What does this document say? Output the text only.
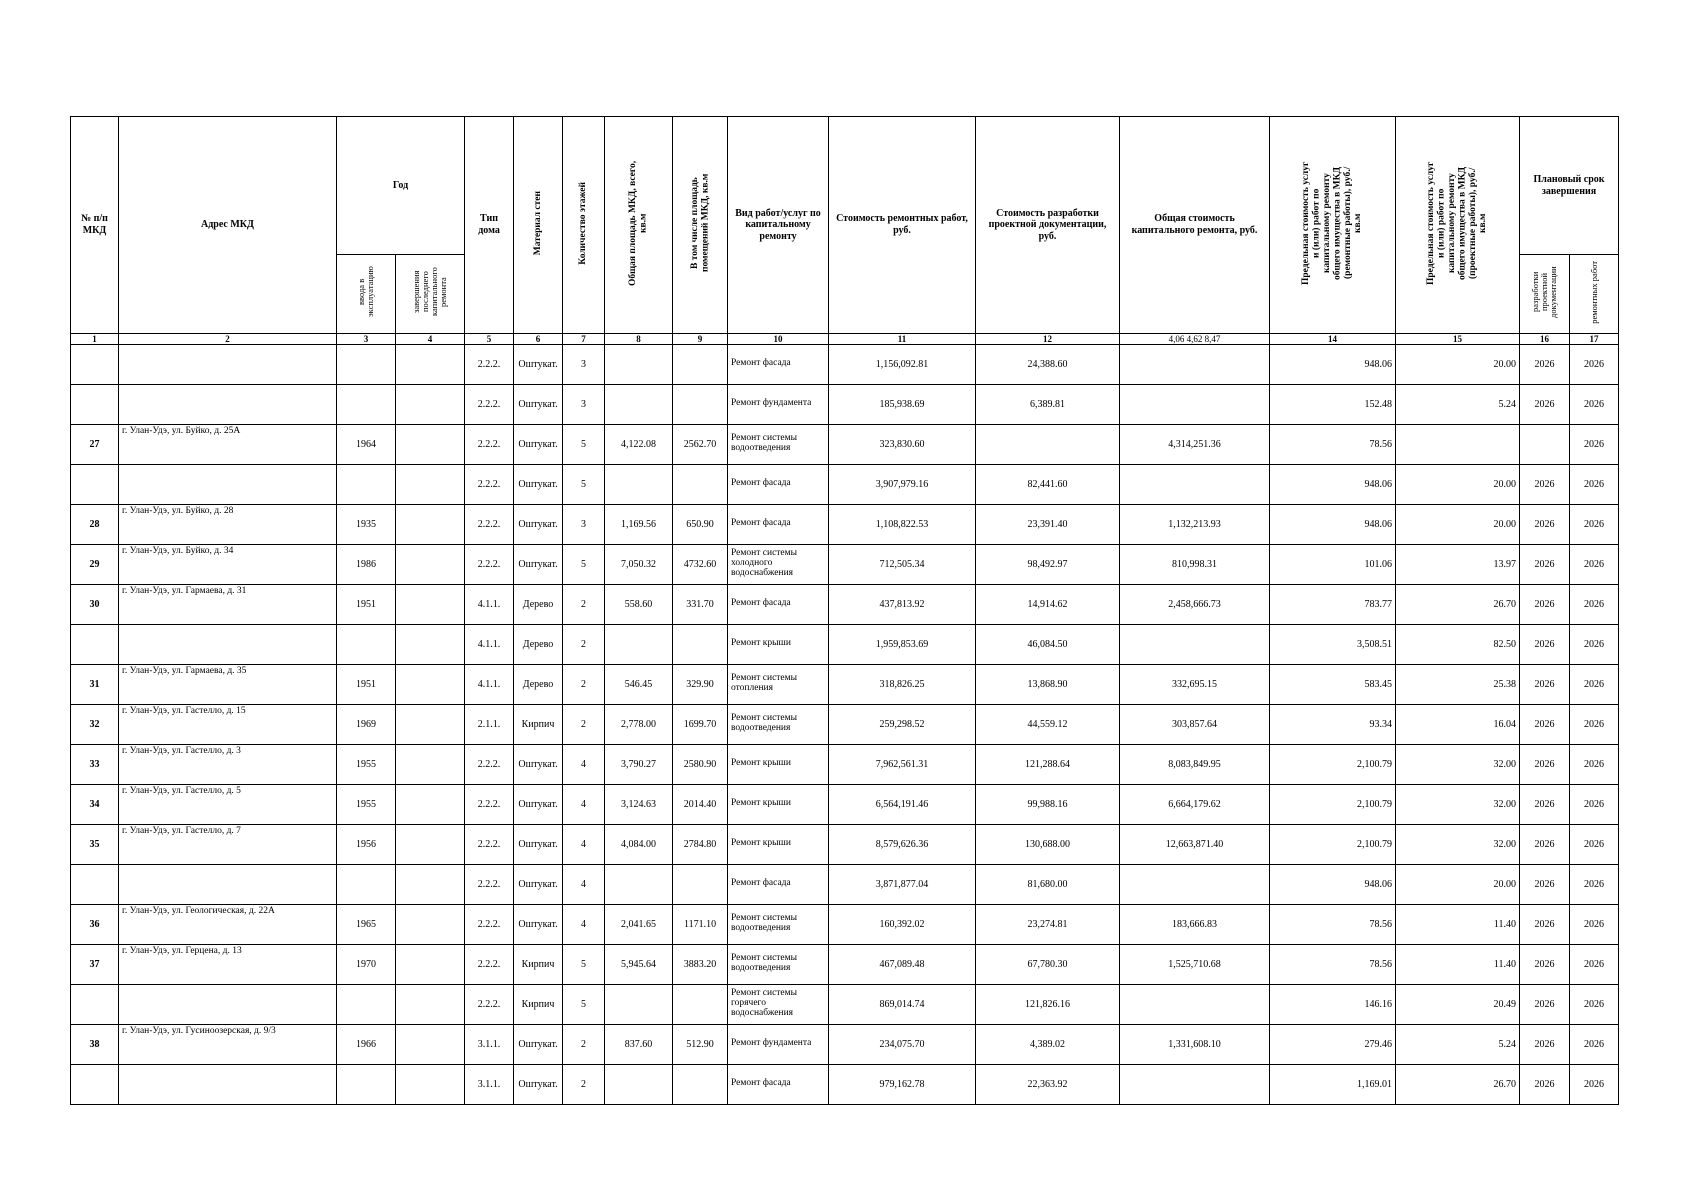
№ п/п МКД	Адрес МКД	Год		Тип дома	Материал стен	Количество этажей	Общая площадь МКД, всего, кв.м	В том числе площадь помещений МКД, кв.м	Вид работ/услуг по капитальному ремонту	Стоимость ремонтных работ, руб.	Стоимость разработки проектной документации, руб.	Общая стоимость капитального ремонта, руб.	Предельная стоимость услуг и (или) работ по капитальному ремонту общего имущества в МКД (ремонтные работы), руб./кв.м	Предельная стоимость услуг и (или) работ по капитальному ремонту общего имущества в МКД (проектные работы), руб./кв.м	Плановый срок завершения	
		ввода в эксплуатацию	завершения последнего капитального ремонта												разработки проектной документации	ремонтных работ
1	2	3	4	5	6	7	8	9	10	11	12	4,06 4,62 8,47	14	15	16	17
				2.2.2.	Оштукат.	3			Ремонт фасада	1,156,092.81	24,388.60		948.06	20.00	2026	2026
				2.2.2.	Оштукат.	3			Ремонт фундамента	185,938.69	6,389.81		152.48	5.24	2026	2026
27	г. Улан-Удэ, ул. Буйко, д. 25А	1964		2.2.2.	Оштукат.	5	4,122.08	2562.70	Ремонт системы водоотведения	323,830.60		4,314,251.36	78.56			2026
				2.2.2.	Оштукат.	5			Ремонт фасада	3,907,979.16	82,441.60		948.06	20.00	2026	2026
28	г. Улан-Удэ, ул. Буйко, д. 28	1935		2.2.2.	Оштукат.	3	1,169.56	650.90	Ремонт фасада	1,108,822.53	23,391.40	1,132,213.93	948.06	20.00	2026	2026
29	г. Улан-Удэ, ул. Буйко, д. 34	1986		2.2.2.	Оштукат.	5	7,050.32	4732.60	Ремонт системы холодного водоснабжения	712,505.34	98,492.97	810,998.31	101.06	13.97	2026	2026
30	г. Улан-Удэ, ул. Гармаева, д. 31	1951		4.1.1.	Дерево	2	558.60	331.70	Ремонт фасада	437,813.92	14,914.62	2,458,666.73	783.77	26.70	2026	2026
				4.1.1.	Дерево	2			Ремонт крыши	1,959,853.69	46,084.50		3,508.51	82.50	2026	2026
31	г. Улан-Удэ, ул. Гармаева, д. 35	1951		4.1.1.	Дерево	2	546.45	329.90	Ремонт системы отопления	318,826.25	13,868.90	332,695.15	583.45	25.38	2026	2026
32	г. Улан-Удэ, ул. Гастелло, д. 15	1969		2.1.1.	Кирпич	2	2,778.00	1699.70	Ремонт системы водоотведения	259,298.52	44,559.12	303,857.64	93.34	16.04	2026	2026
33	г. Улан-Удэ, ул. Гастелло, д. 3	1955		2.2.2.	Оштукат.	4	3,790.27	2580.90	Ремонт крыши	7,962,561.31	121,288.64	8,083,849.95	2,100.79	32.00	2026	2026
34	г. Улан-Удэ, ул. Гастелло, д. 5	1955		2.2.2.	Оштукат.	4	3,124.63	2014.40	Ремонт крыши	6,564,191.46	99,988.16	6,664,179.62	2,100.79	32.00	2026	2026
35	г. Улан-Удэ, ул. Гастелло, д. 7	1956		2.2.2.	Оштукат.	4	4,084.00	2784.80	Ремонт крыши	8,579,626.36	130,688.00	12,663,871.40	2,100.79	32.00	2026	2026
				2.2.2.	Оштукат.	4			Ремонт фасада	3,871,877.04	81,680.00		948.06	20.00	2026	2026
36	г. Улан-Удэ, ул. Геологическая, д. 22А	1965		2.2.2.	Оштукат.	4	2,041.65	1171.10	Ремонт системы водоотведения	160,392.02	23,274.81	183,666.83	78.56	11.40	2026	2026
37	г. Улан-Удэ, ул. Герцена, д. 13	1970		2.2.2.	Кирпич	5	5,945.64	3883.20	Ремонт системы водоотведения	467,089.48	67,780.30	1,525,710.68	78.56	11.40	2026	2026
				2.2.2.	Кирпич	5			Ремонт системы горячего водоснабжения	869,014.74	121,826.16		146.16	20.49	2026	2026
38	г. Улан-Удэ, ул. Гусиноозерская, д. 9/3	1966		3.1.1.	Оштукат.	2	837.60	512.90	Ремонт фундамента	234,075.70	4,389.02	1,331,608.10	279.46	5.24	2026	2026
				3.1.1.	Оштукат.	2			Ремонт фасада	979,162.78	22,363.92		1,169.01	26.70	2026	2026
